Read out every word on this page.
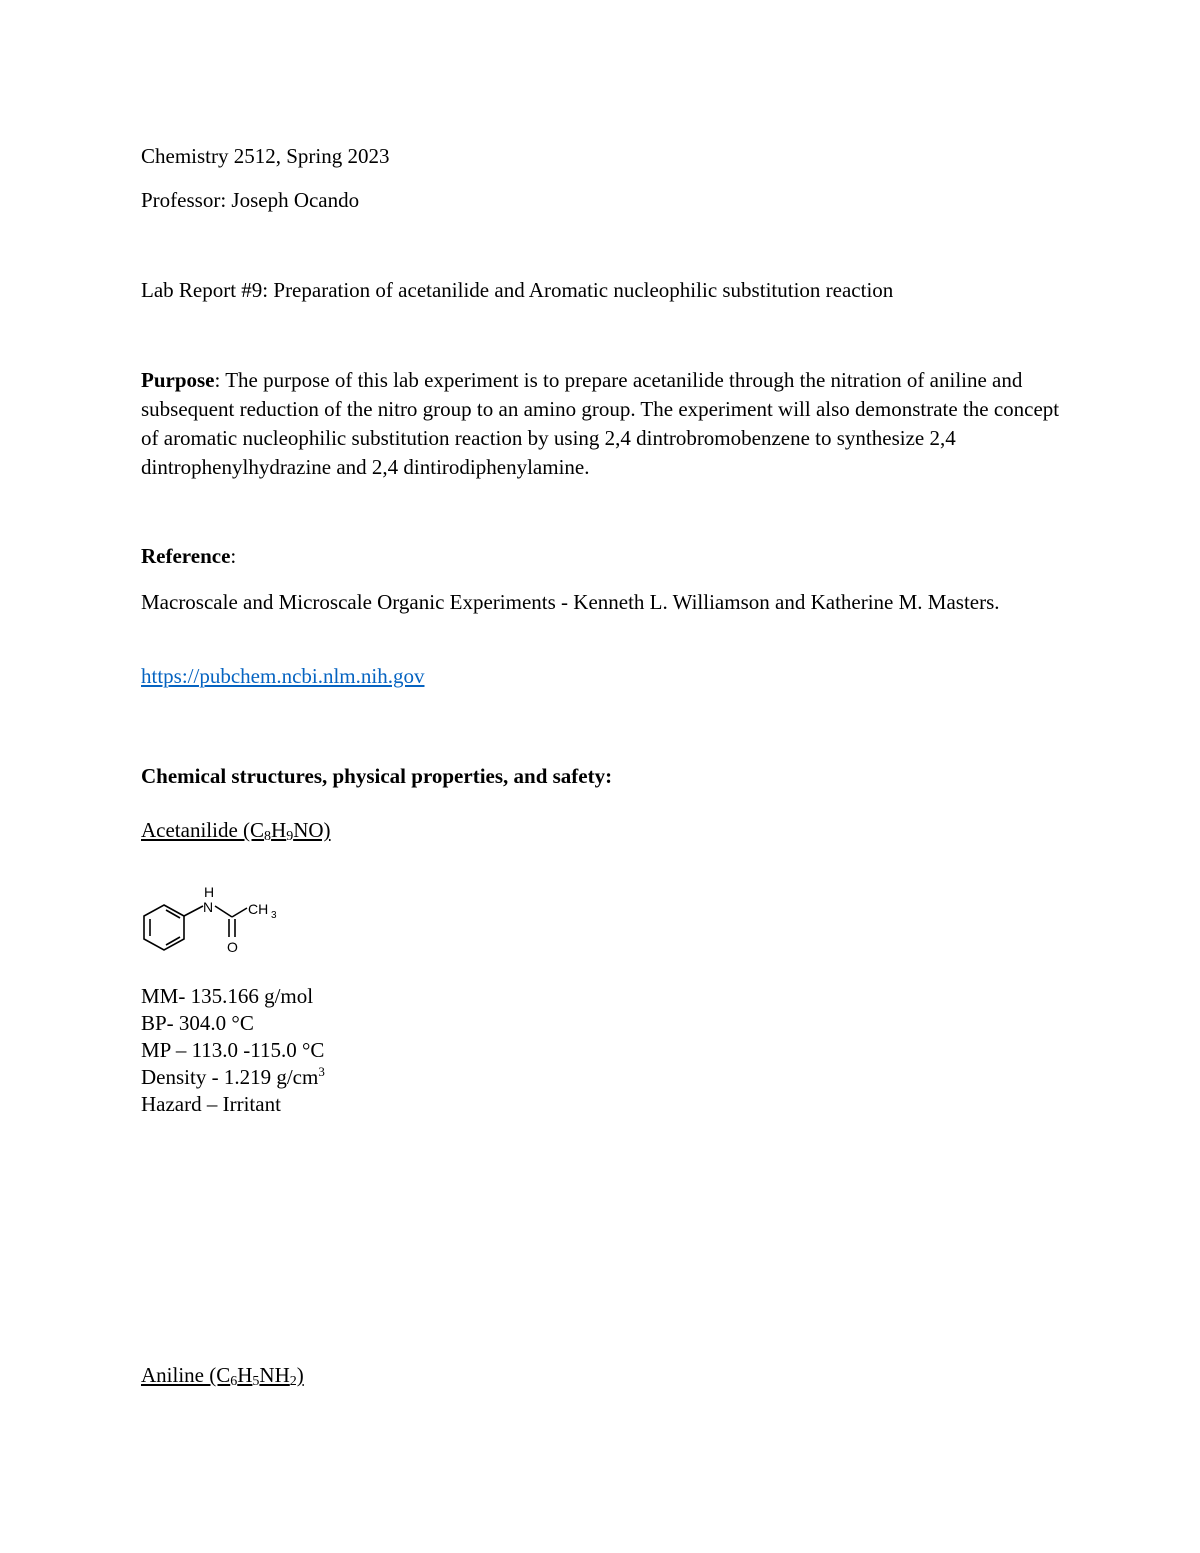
Chemistry 2512, Spring 2023
Professor: Joseph Ocando
Lab Report #9: Preparation of acetanilide and Aromatic nucleophilic substitution reaction
Purpose: The purpose of this lab experiment is to prepare acetanilide through the nitration of aniline and subsequent reduction of the nitro group to an amino group. The experiment will also demonstrate the concept of aromatic nucleophilic substitution reaction by using 2,4 dintrobromobenzene to synthesize 2,4 dintrophenylhydrazine and 2,4 dintirodiphenylamine.
Reference:
Macroscale and Microscale Organic Experiments - Kenneth L. Williamson and Katherine M. Masters.
https://pubchem.ncbi.nlm.nih.gov
Chemical structures, physical properties, and safety:
Acetanilide $(C_8H_9NO)$
H
N CH 3
O
MM- 135.166 g/mol
BP- 304.0 °C
MP – 113.0 -115.0 °C
Density - 1.219 $g/cm^3$
Hazard – Irritant
Aniline $(C_6H_5NH_2)$
